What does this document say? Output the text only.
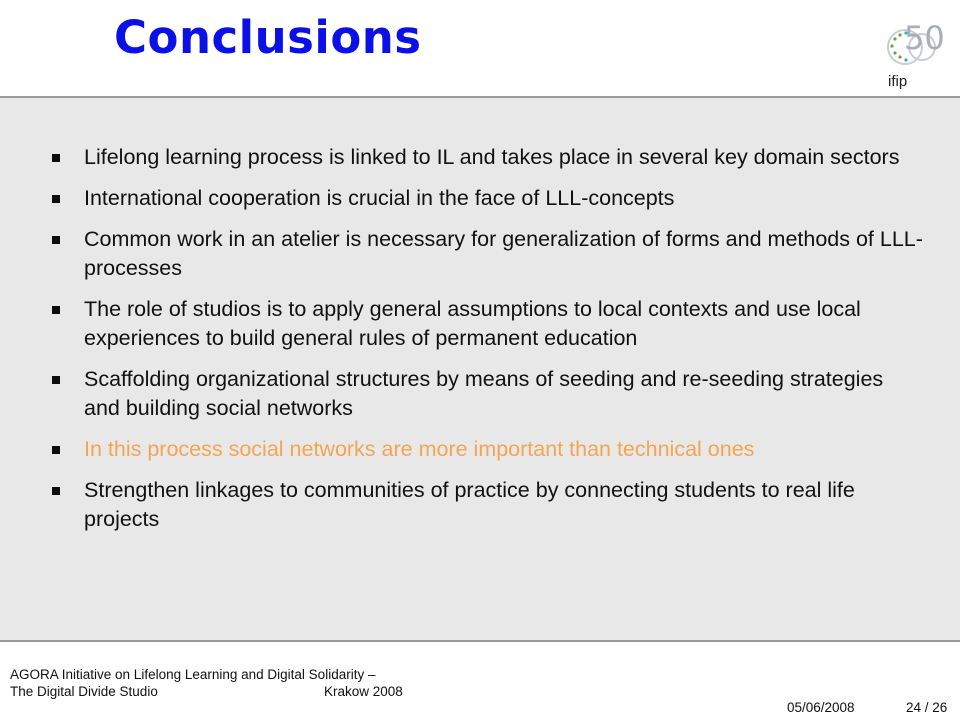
Conclusions	50
ifip
Lifelong learning process is linked to IL and takes place in several key domain sectors
International cooperation is crucial in the face of LLL-concepts
Common work in an atelier is necessary for generalization of forms and methods of LLL-processes
The role of studios is to apply general assumptions to local contexts and use local experiences to build general rules of permanent education
Scaffolding organizational structures by means of seeding and re-seeding strategies and building social networks
In this process social networks are more important than technical ones
Strengthen linkages to communities of practice by connecting students to real life projects
AGORA Initiative on Lifelong Learning and Digital Solidarity –
The Digital Divide Studio	Krakow 2008
05/06/2008	24 / 26
